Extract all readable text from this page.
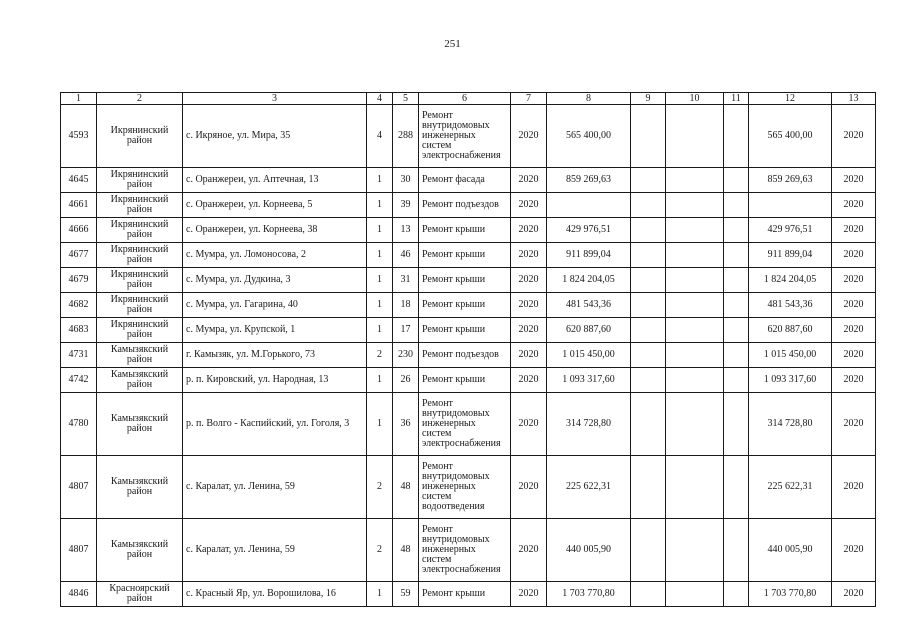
251
1	2	3	4	5	6	7	8	9	10	11	12	13
4593	Икрянинский район	с. Икряное, ул. Мира, 35	4	288	Ремонт внутридомовых инженерных систем электроснабжения	2020	565 400,00				565 400,00	2020
4645	Икрянинский район	с. Оранжереи, ул. Аптечная, 13	1	30	Ремонт фасада	2020	859 269,63				859 269,63	2020
4661	Икрянинский район	с. Оранжереи, ул. Корнеева, 5	1	39	Ремонт подъездов	2020						2020
4666	Икрянинский район	с. Оранжереи, ул. Корнеева, 38	1	13	Ремонт крыши	2020	429 976,51				429 976,51	2020
4677	Икрянинский район	с. Мумра, ул. Ломоносова, 2	1	46	Ремонт крыши	2020	911 899,04				911 899,04	2020
4679	Икрянинский район	с. Мумра, ул. Дудкина, 3	1	31	Ремонт крыши	2020	1 824 204,05				1 824 204,05	2020
4682	Икрянинский район	с. Мумра, ул. Гагарина, 40	1	18	Ремонт крыши	2020	481 543,36				481 543,36	2020
4683	Икрянинский район	с. Мумра, ул. Крупской, 1	1	17	Ремонт крыши	2020	620 887,60				620 887,60	2020
4731	Камызякский район	г. Камызяк, ул. М.Горького, 73	2	230	Ремонт подъездов	2020	1 015 450,00				1 015 450,00	2020
4742	Камызякский район	р. п. Кировский, ул. Народная, 13	1	26	Ремонт крыши	2020	1 093 317,60				1 093 317,60	2020
4780	Камызякский район	р. п. Волго - Каспийский, ул. Гоголя, 3	1	36	Ремонт внутридомовых инженерных систем электроснабжения	2020	314 728,80				314 728,80	2020
4807	Камызякский район	с. Каралат, ул. Ленина, 59	2	48	Ремонт внутридомовых инженерных систем водоотведения	2020	225 622,31				225 622,31	2020
4807	Камызякский район	с. Каралат, ул. Ленина, 59	2	48	Ремонт внутридомовых инженерных систем электроснабжения	2020	440 005,90				440 005,90	2020
4846	Красноярский район	с. Красный Яр, ул. Ворошилова, 16	1	59	Ремонт крыши	2020	1 703 770,80				1 703 770,80	2020
